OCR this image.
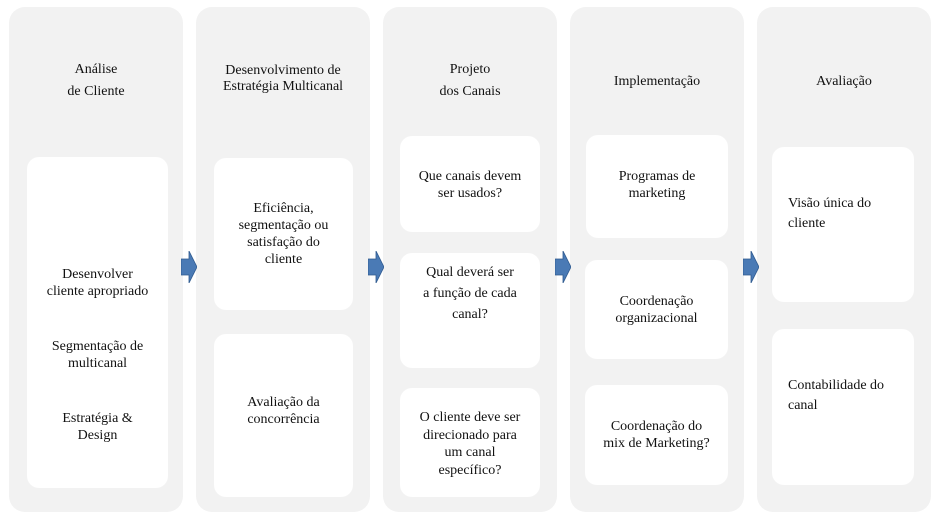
Análise
de Cliente

Desenvolver
cliente apropriado

Segmentação de
multicanal

Estratégia &
Design

Desenvolvimento de
Estratégia Multicanal
Eficiência,
segmentação ou
satisfação do
cliente
Avaliação da
concorrência
Projeto
dos Canais
Que canais devem
ser usados?
Qual deverá ser
a função de cada
canal?
O cliente deve ser
direcionado para
um canal
específico?
Implementação
Programas de
marketing
Coordenação
organizacional
Coordenação do
mix de Marketing?
Avaliação
Visão única do
cliente
Contabilidade do
canal
